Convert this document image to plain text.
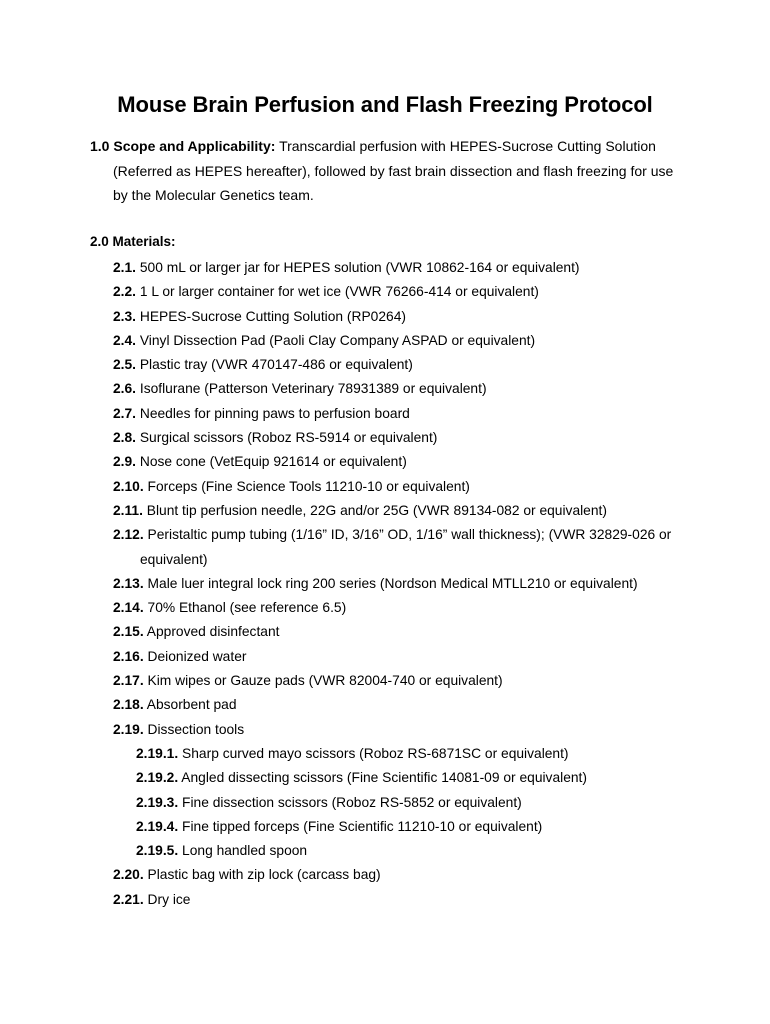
Mouse Brain Perfusion and Flash Freezing Protocol
1.0 Scope and Applicability: Transcardial perfusion with HEPES-Sucrose Cutting Solution
(Referred as HEPES hereafter), followed by fast brain dissection and flash freezing for use
by the Molecular Genetics team.
2.0 Materials:
2.1. 500 mL or larger jar for HEPES solution (VWR 10862-164 or equivalent)
2.2. 1 L or larger container for wet ice (VWR 76266-414 or equivalent)
2.3. HEPES-Sucrose Cutting Solution (RP0264)
2.4. Vinyl Dissection Pad (Paoli Clay Company ASPAD or equivalent)
2.5. Plastic tray (VWR 470147-486 or equivalent)
2.6. Isoflurane (Patterson Veterinary 78931389 or equivalent)
2.7. Needles for pinning paws to perfusion board
2.8. Surgical scissors (Roboz RS-5914 or equivalent)
2.9. Nose cone (VetEquip 921614 or equivalent)
2.10. Forceps (Fine Science Tools 11210-10 or equivalent)
2.11. Blunt tip perfusion needle, 22G and/or 25G (VWR 89134-082 or equivalent)
2.12. Peristaltic pump tubing (1/16” ID, 3/16” OD, 1/16” wall thickness); (VWR 32829-026 or
equivalent)
2.13. Male luer integral lock ring 200 series (Nordson Medical MTLL210 or equivalent)
2.14. 70% Ethanol (see reference 6.5)
2.15. Approved disinfectant
2.16. Deionized water
2.17. Kim wipes or Gauze pads (VWR 82004-740 or equivalent)
2.18. Absorbent pad
2.19. Dissection tools
2.19.1. Sharp curved mayo scissors (Roboz RS-6871SC or equivalent)
2.19.2. Angled dissecting scissors (Fine Scientific 14081-09 or equivalent)
2.19.3. Fine dissection scissors (Roboz RS-5852 or equivalent)
2.19.4. Fine tipped forceps (Fine Scientific 11210-10 or equivalent)
2.19.5. Long handled spoon
2.20. Plastic bag with zip lock (carcass bag)
2.21. Dry ice
